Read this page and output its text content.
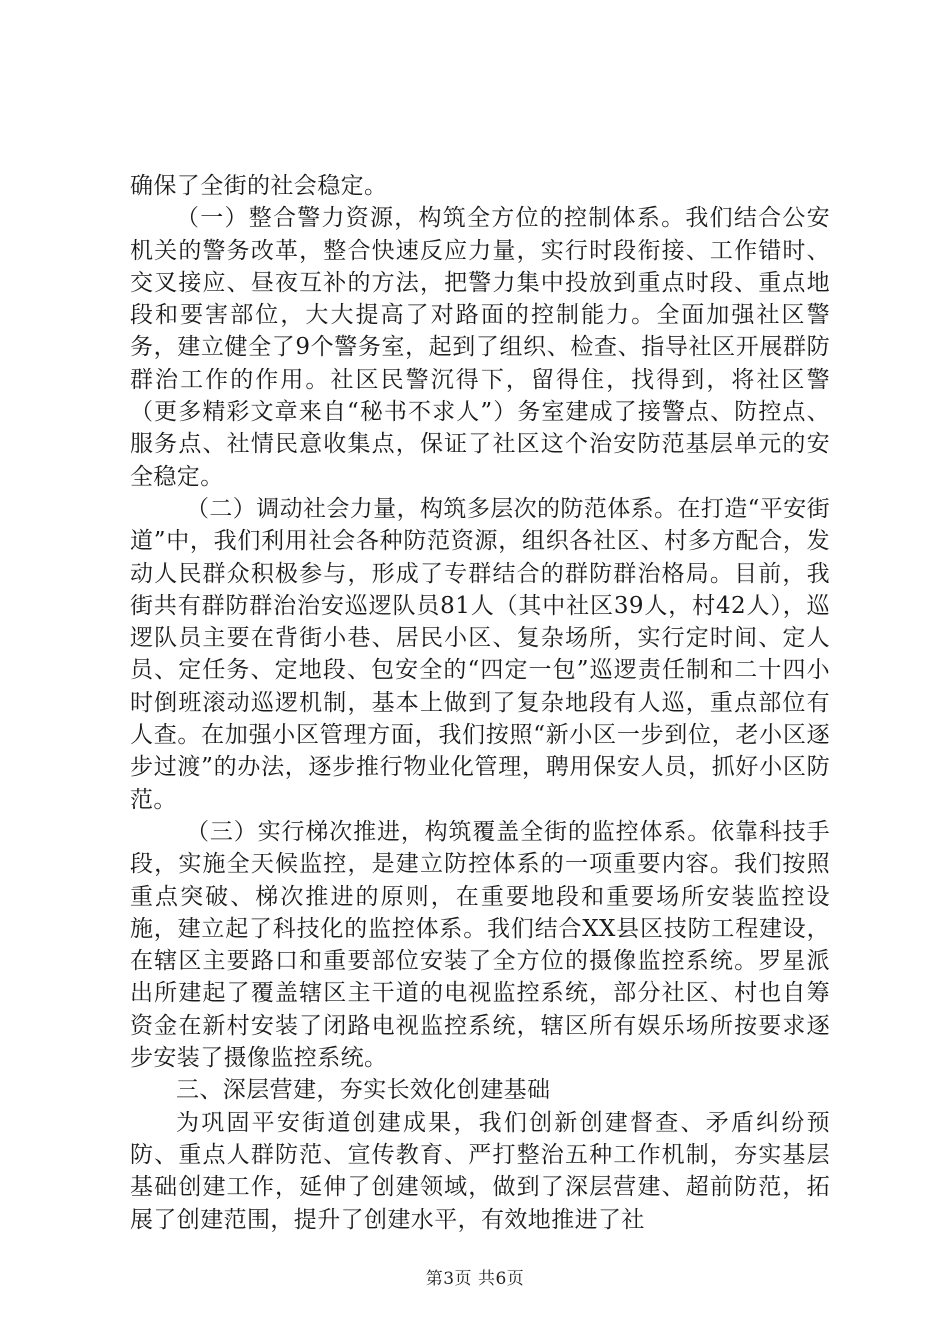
确保了全街的社会稳定。

（一）整合警力资源，构筑全方位的控制体系。我们结合公安机关的警务改革，整合快速反应力量，实行时段衔接、工作错时、交叉接应、昼夜互补的方法，把警力集中投放到重点时段、重点地段和要害部位，大大提高了对路面的控制能力。全面加强社区警务，建立健全了9个警务室，起到了组织、检查、指导社区开展群防群治工作的作用。社区民警沉得下，留得住，找得到，将社区警（更多精彩文章来自“秘书不求人”）务室建成了接警点、防控点、服务点、社情民意收集点，保证了社区这个治安防范基层单元的安全稳定。

（二）调动社会力量，构筑多层次的防范体系。在打造“平安街道”中，我们利用社会各种防范资源，组织各社区、村多方配合，发动人民群众积极参与，形成了专群结合的群防群治格局。目前，我街共有群防群治治安巡逻队员81人（其中社区39人，村42人），巡逻队员主要在背街小巷、居民小区、复杂场所，实行定时间、定人员、定任务、定地段、包安全的“四定一包”巡逻责任制和二十四小时倒班滚动巡逻机制，基本上做到了复杂地段有人巡，重点部位有人查。在加强小区管理方面，我们按照“新小区一步到位，老小区逐步过渡”的办法，逐步推行物业化管理，聘用保安人员，抓好小区防范。

（三）实行梯次推进，构筑覆盖全街的监控体系。依靠科技手段，实施全天候监控，是建立防控体系的一项重要内容。我们按照重点突破、梯次推进的原则，在重要地段和重要场所安装监控设施，建立起了科技化的监控体系。我们结合XX县区技防工程建设，在辖区主要路口和重要部位安装了全方位的摄像监控系统。罗星派出所建起了覆盖辖区主干道的电视监控系统，部分社区、村也自筹资金在新村安装了闭路电视监控系统，辖区所有娱乐场所按要求逐步安装了摄像监控系统。

三、深层营建，夯实长效化创建基础

为巩固平安街道创建成果，我们创新创建督查、矛盾纠纷预防、重点人群防范、宣传教育、严打整治五种工作机制，夯实基层基础创建工作，延伸了创建领域，做到了深层营建、超前防范，拓展了创建范围，提升了创建水平，有效地推进了社

第3页 共6页
